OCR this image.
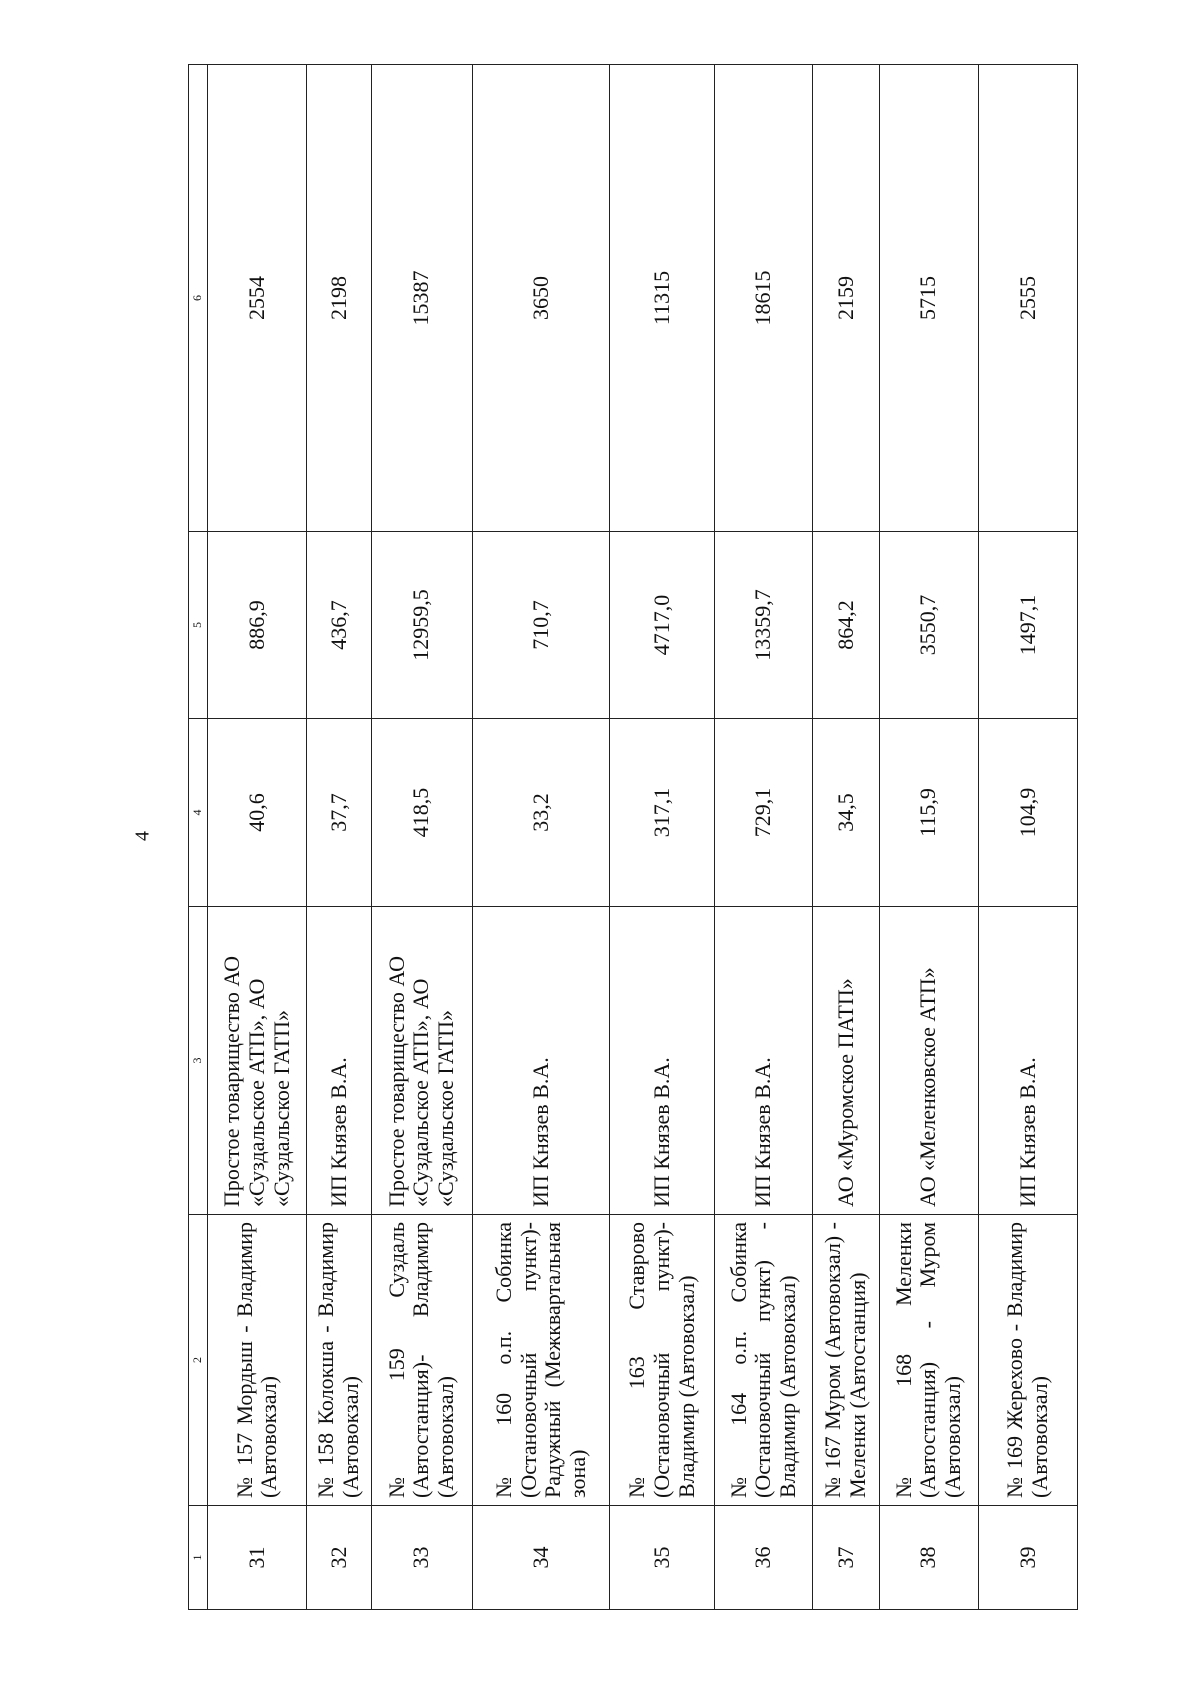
4
1	2	3	4	5	6
31	№ 157 Мордыш - Владимир (Автовокзал)	Простое товарищество АО «Суздальское АТП», АО «Суздальское ГАТП»	40,6	886,9	2554
32	№ 158 Колокша - Владимир (Автовокзал)	ИП Князев В.А.	37,7	436,7	2198
33	№ 159 Суздаль (Автостанция)- Владимир (Автовокзал)	Простое товарищество АО «Суздальское АТП», АО «Суздальское ГАТП»	418,5	12959,5	15387
34	№ 160 о.п. Собинка (Остановочный пункт)- Радужный (Межквартальная зона)	ИП Князев В.А.	33,2	710,7	3650
35	№ 163 Ставрово (Остановочный пункт)- Владимир (Автовокзал)	ИП Князев В.А.	317,1	4717,0	11315
36	№ 164 о.п. Собинка (Остановочный пункт) - Владимир (Автовокзал)	ИП Князев В.А.	729,1	13359,7	18615
37	№ 167 Муром (Автовокзал) - Меленки (Автостанция)	АО «Муромское ПАТП»	34,5	864,2	2159
38	№ 168 Меленки (Автостанция) - Муром (Автовокзал)	АО «Меленковское АТП»	115,9	3550,7	5715
39	№ 169 Жерехово - Владимир (Автовокзал)	ИП Князев В.А.	104,9	1497,1	2555
